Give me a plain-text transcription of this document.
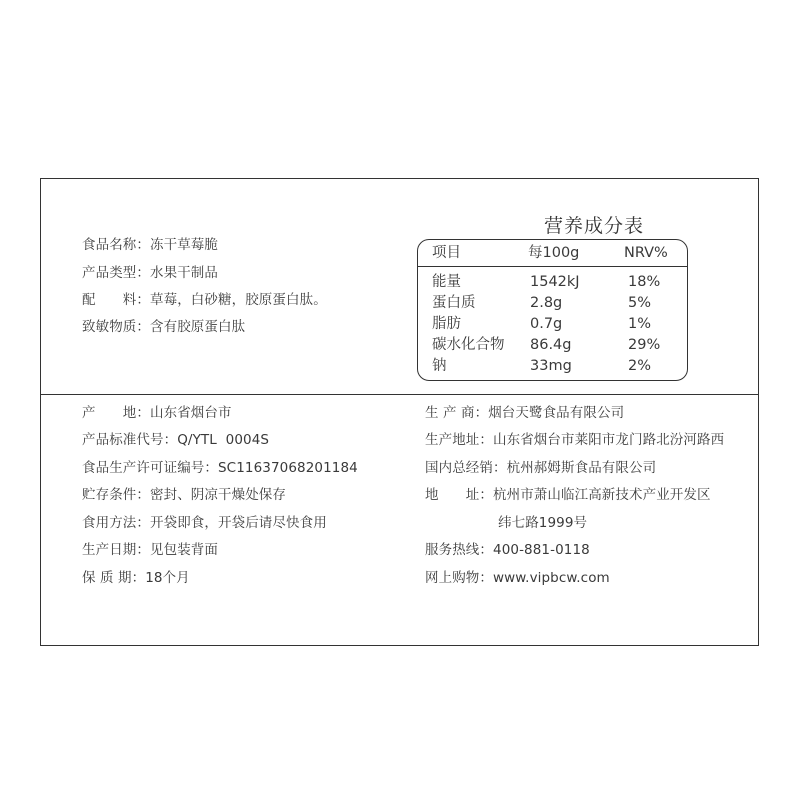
食品名称：冻干草莓脆
产品类型：水果干制品
配　　料：草莓，白砂糖，胶原蛋白肽。
致敏物质：含有胶原蛋白肽
营养成分表
项目	每100g	NRV%
能量	1542kJ	18%
蛋白质	2.8g	5%
脂肪	0.7g	1%
碳水化合物 86.4g	29%
钠	33mg	2%
产　　地：山东省烟台市
产品标准代号：Q/YTL  0004S
食品生产许可证编号：SC11637068201184
贮存条件：密封、阴凉干燥处保存
食用方法：开袋即食，开袋后请尽快食用
生产日期：见包装背面
保 质 期：18个月
生 产 商：烟台天鹭食品有限公司
生产地址：山东省烟台市莱阳市龙门路北汾河路西
国内总经销：杭州郝姆斯食品有限公司
地　　址：杭州市萧山临江高新技术产业开发区
纬七路1999号
服务热线：400-881-0118
网上购物：www.vipbcw.com
